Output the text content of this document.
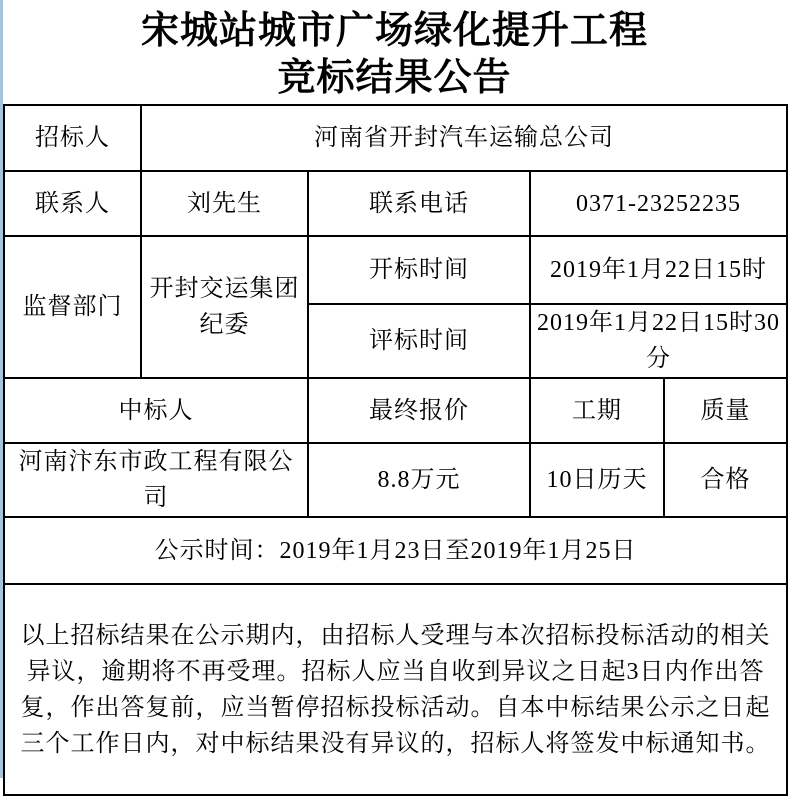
宋城站城市广场绿化提升工程
竞标结果公告
招标人	河南省开封汽车运输总公司			
联系人	刘先生	联系电话	0371-23252235	
监督部门	开封交运集团纪委	开标时间	2019年1月22日15时	
		评标时间	2019年1月22日15时30分	
中标人		最终报价	工期	质量
河南汴东市政工程有限公司		8.8万元	10日历天	合格
公示时间：2019年1月23日至2019年1月25日				
以上招标结果在公示期内，由招标人受理与本次招标投标活动的相关异议，逾期将不再受理。招标人应当自收到异议之日起3日内作出答复，作出答复前，应当暂停招标投标活动。自本中标结果公示之日起三个工作日内，对中标结果没有异议的，招标人将签发中标通知书。				
